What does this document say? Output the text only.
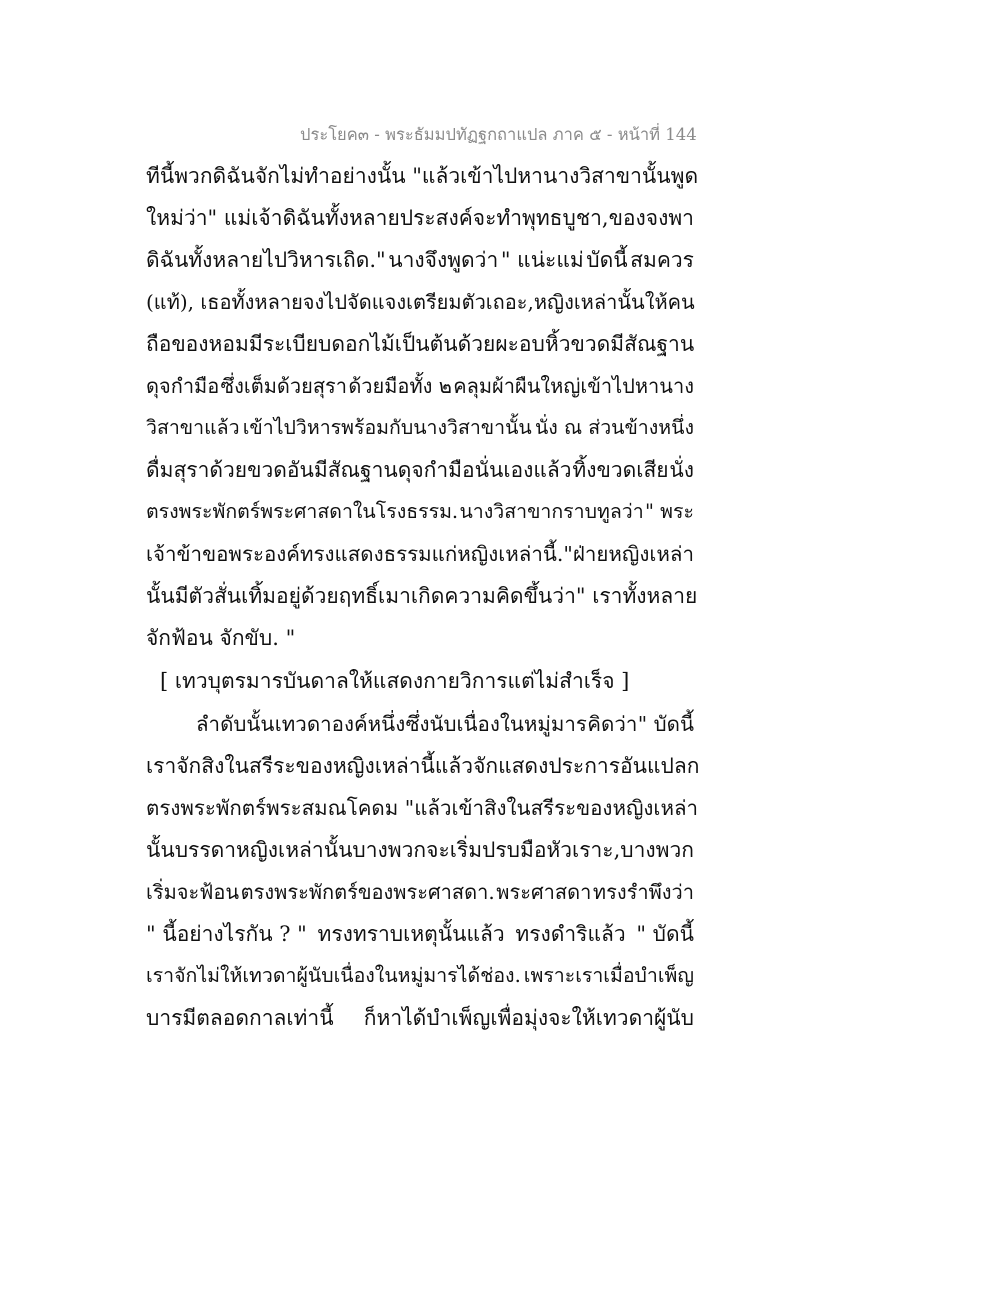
ประโยค๓ - พระธัมมปทัฏฐกถาแปล ภาค ๕ - หน้าที่ 144
ทีนี้ พวกดิฉันจักไม่ทำอย่างนั้น " แล้วเข้าไปหานางวิสาขานั้น พูด
ใหม่ว่า " แม่เจ้า ดิฉันทั้งหลายประสงค์จะทำพุทธบูชา, ของจงพา
ดิฉันทั้งหลายไปวิหารเถิด." นางจึงพูดว่า " แน่ะแม่ บัดนี้ สมควร
(แท้), เธอทั้งหลายจงไปจัดแจงเตรียมตัวเถอะ, หญิงเหล่านั้นให้คน
ถือของหอมมีระเบียบดอกไม้เป็นต้นด้วยผะอบ หิ้วขวดมีสัณฐาน
ดุจกำมือ ซึ่งเต็มด้วยสุรา ด้วยมือทั้ง ๒ คลุมผ้าผืนใหญ่เข้าไปหานาง
วิสาขาแล้ว เข้าไปวิหารพร้อมกับนางวิสาขานั้น นั่ง ณ ส่วนข้างหนึ่ง
ดื่มสุราด้วยขวดอันมีสัณฐานดุจกำมือนั่นเองแล้ว ทิ้งขวดเสีย นั่ง
ตรงพระพักตร์พระศาสดาในโรงธรรม. นางวิสาขากราบทูลว่า " พระ
เจ้าข้า ขอพระองค์ทรงแสดงธรรมแก่หญิงเหล่านี้." ฝ่ายหญิงเหล่า
นั้น มีตัวสั่นเทิ้มอยู่ด้วยฤทธิ์เมา เกิดความคิดขึ้นว่า " เราทั้งหลาย
จักฟ้อน จักขับ. "
[ เทวบุตรมารบันดาลให้แสดงกายวิการแต่ไม่สำเร็จ ]
ลำดับนั้น เทวดาองค์หนึ่ง ซึ่งนับเนื่องในหมู่มาร คิดว่า " บัดนี้
เราจักสิงในสรีระของหญิงเหล่านี้แล้ว จักแสดงประการอันแปลก
ตรงพระพักตร์พระสมณโคดม " แล้วเข้าสิงในสรีระของหญิงเหล่า
นั้น บรรดาหญิงเหล่านั้น บางพวกจะเริ่มปรบมือหัวเราะ, บางพวก
เริ่มจะฟ้อน ตรงพระพักตร์ของพระศาสดา. พระศาสดา ทรงรำพึงว่า
" นี้อย่างไรกัน ? " ทรงทราบเหตุนั้นแล้ว ทรงดำริแล้ว " บัดนี้
เราจักไม่ให้เทวดาผู้นับเนื่องในหมู่มารได้ช่อง. เพราะเราเมื่อบำเพ็ญ
บารมีตลอดกาลเท่านี้ ก็หาได้บำเพ็ญเพื่อมุ่งจะให้เทวดาผู้นับ
